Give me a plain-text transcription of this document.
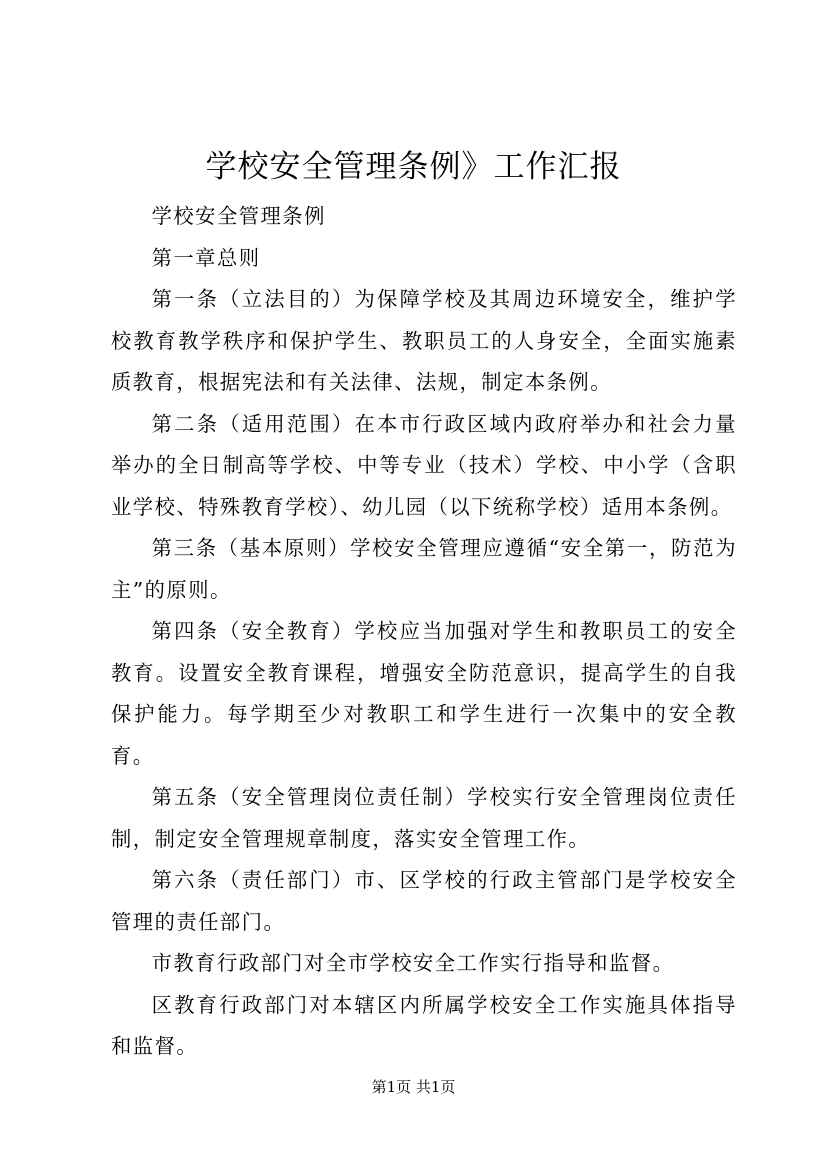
学校安全管理条例》工作汇报

学校安全管理条例

第一章总则

第一条（立法目的）为保障学校及其周边环境安全，维护学校教育教学秩序和保护学生、教职员工的人身安全，全面实施素质教育，根据宪法和有关法律、法规，制定本条例。

第二条（适用范围）在本市行政区域内政府举办和社会力量举办的全日制高等学校、中等专业（技术）学校、中小学（含职业学校、特殊教育学校）、幼儿园（以下统称学校）适用本条例。

第三条（基本原则）学校安全管理应遵循“安全第一，防范为主”的原则。

第四条（安全教育）学校应当加强对学生和教职员工的安全教育。设置安全教育课程，增强安全防范意识，提高学生的自我保护能力。每学期至少对教职工和学生进行一次集中的安全教育。

第五条（安全管理岗位责任制）学校实行安全管理岗位责任制，制定安全管理规章制度，落实安全管理工作。

第六条（责任部门）市、区学校的行政主管部门是学校安全管理的责任部门。

市教育行政部门对全市学校安全工作实行指导和监督。

区教育行政部门对本辖区内所属学校安全工作实施具体指导和监督。

第1页 共1页
